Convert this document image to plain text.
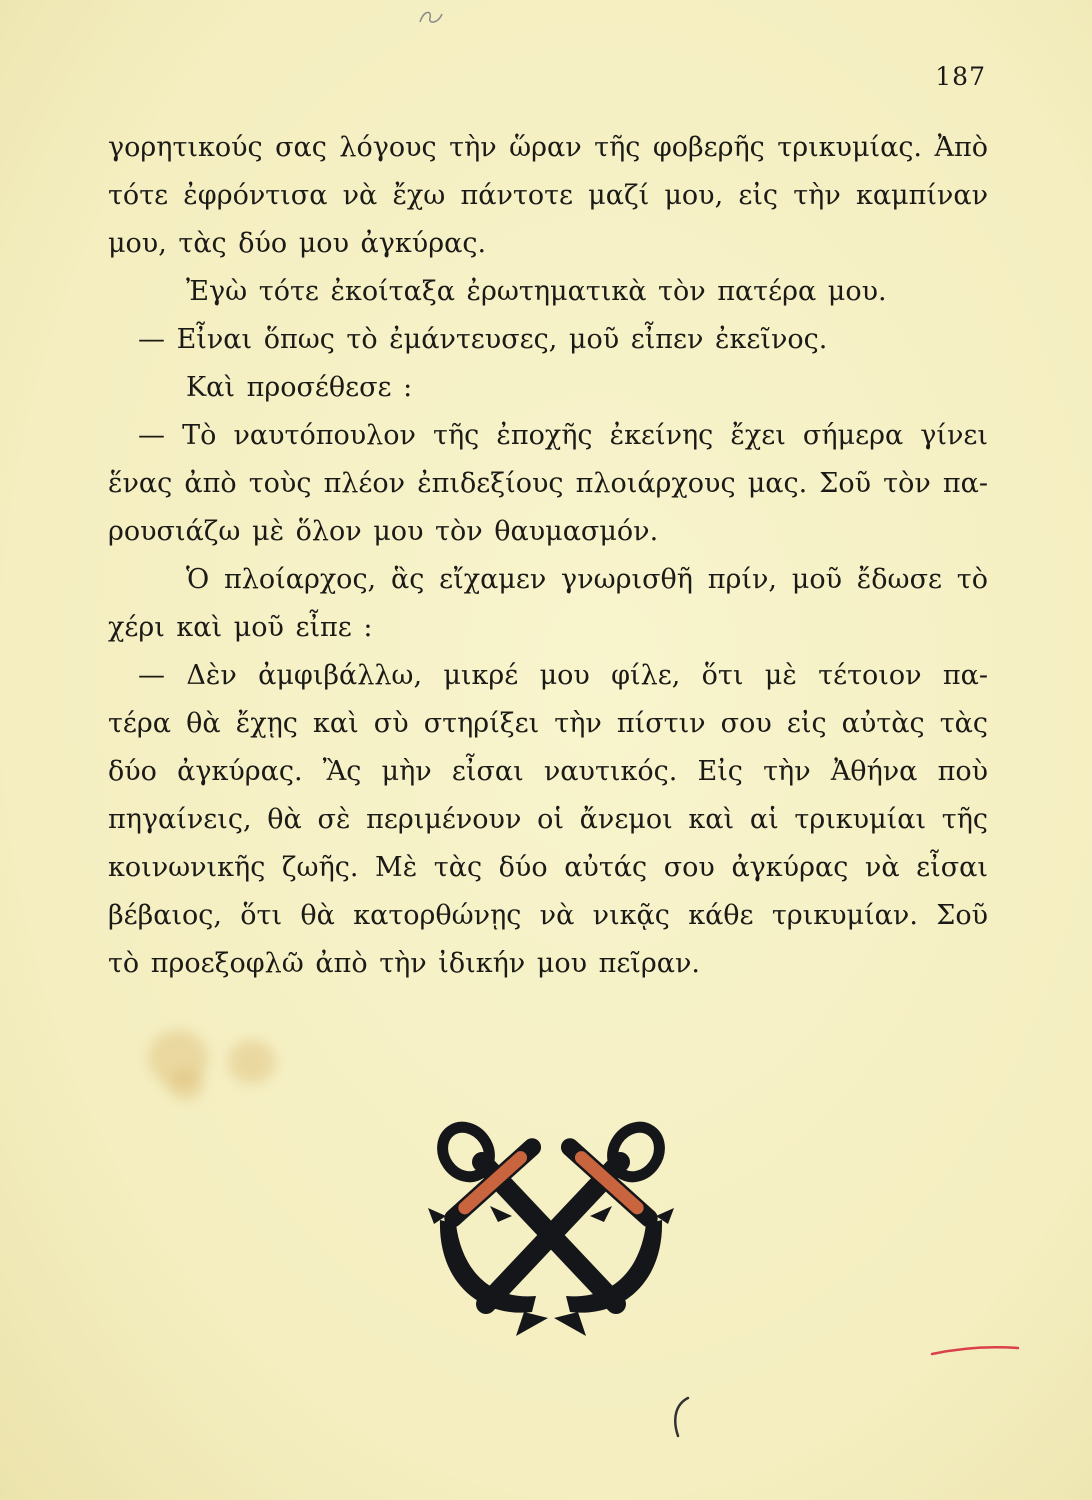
187
γορητικούς σας λόγους τὴν ὥραν τῆς φοβερῆς τρικυμίας. Ἀπὸ
τότε ἐφρόντισα νὰ ἔχω πάντοτε μαζί μου, εἰς τὴν καμπίναν
μου, τὰς δύο μου ἀγκύρας.
Ἐγὼ τότε ἐκοίταξα ἐρωτηματικὰ τὸν πατέρα μου.
— Εἶναι ὅπως τὸ ἐμάντευσες, μοῦ εἶπεν ἐκεῖνος.
Καὶ προσέθεσε :
— Τὸ ναυτόπουλον τῆς ἐποχῆς ἐκείνης ἔχει σήμερα γίνει
ἕνας ἀπὸ τοὺς πλέον ἐπιδεξίους πλοιάρχους μας. Σοῦ τὸν πα-
ρουσιάζω μὲ ὅλον μου τὸν θαυμασμόν.
Ὁ πλοίαρχος, ἃς εἴχαμεν γνωρισθῆ πρίν, μοῦ ἔδωσε τὸ
χέρι καὶ μοῦ εἶπε :
— Δὲν ἀμφιβάλλω, μικρέ μου φίλε, ὅτι μὲ τέτοιον πα-
τέρα θὰ ἔχῃς καὶ σὺ στηρίξει τὴν πίστιν σου εἰς αὐτὰς τὰς
δύο ἀγκύρας. Ἂς μὴν εἶσαι ναυτικός. Εἰς τὴν Ἀθήνα ποὺ
πηγαίνεις, θὰ σὲ περιμένουν οἱ ἄνεμοι καὶ αἱ τρικυμίαι τῆς
κοινωνικῆς ζωῆς. Μὲ τὰς δύο αὐτάς σου ἀγκύρας νὰ εἶσαι
βέβαιος, ὅτι θὰ κατορθώνῃς νὰ νικᾷς κάθε τρικυμίαν. Σοῦ
τὸ προεξοφλῶ ἀπὸ τὴν ἰδικήν μου πεῖραν.
